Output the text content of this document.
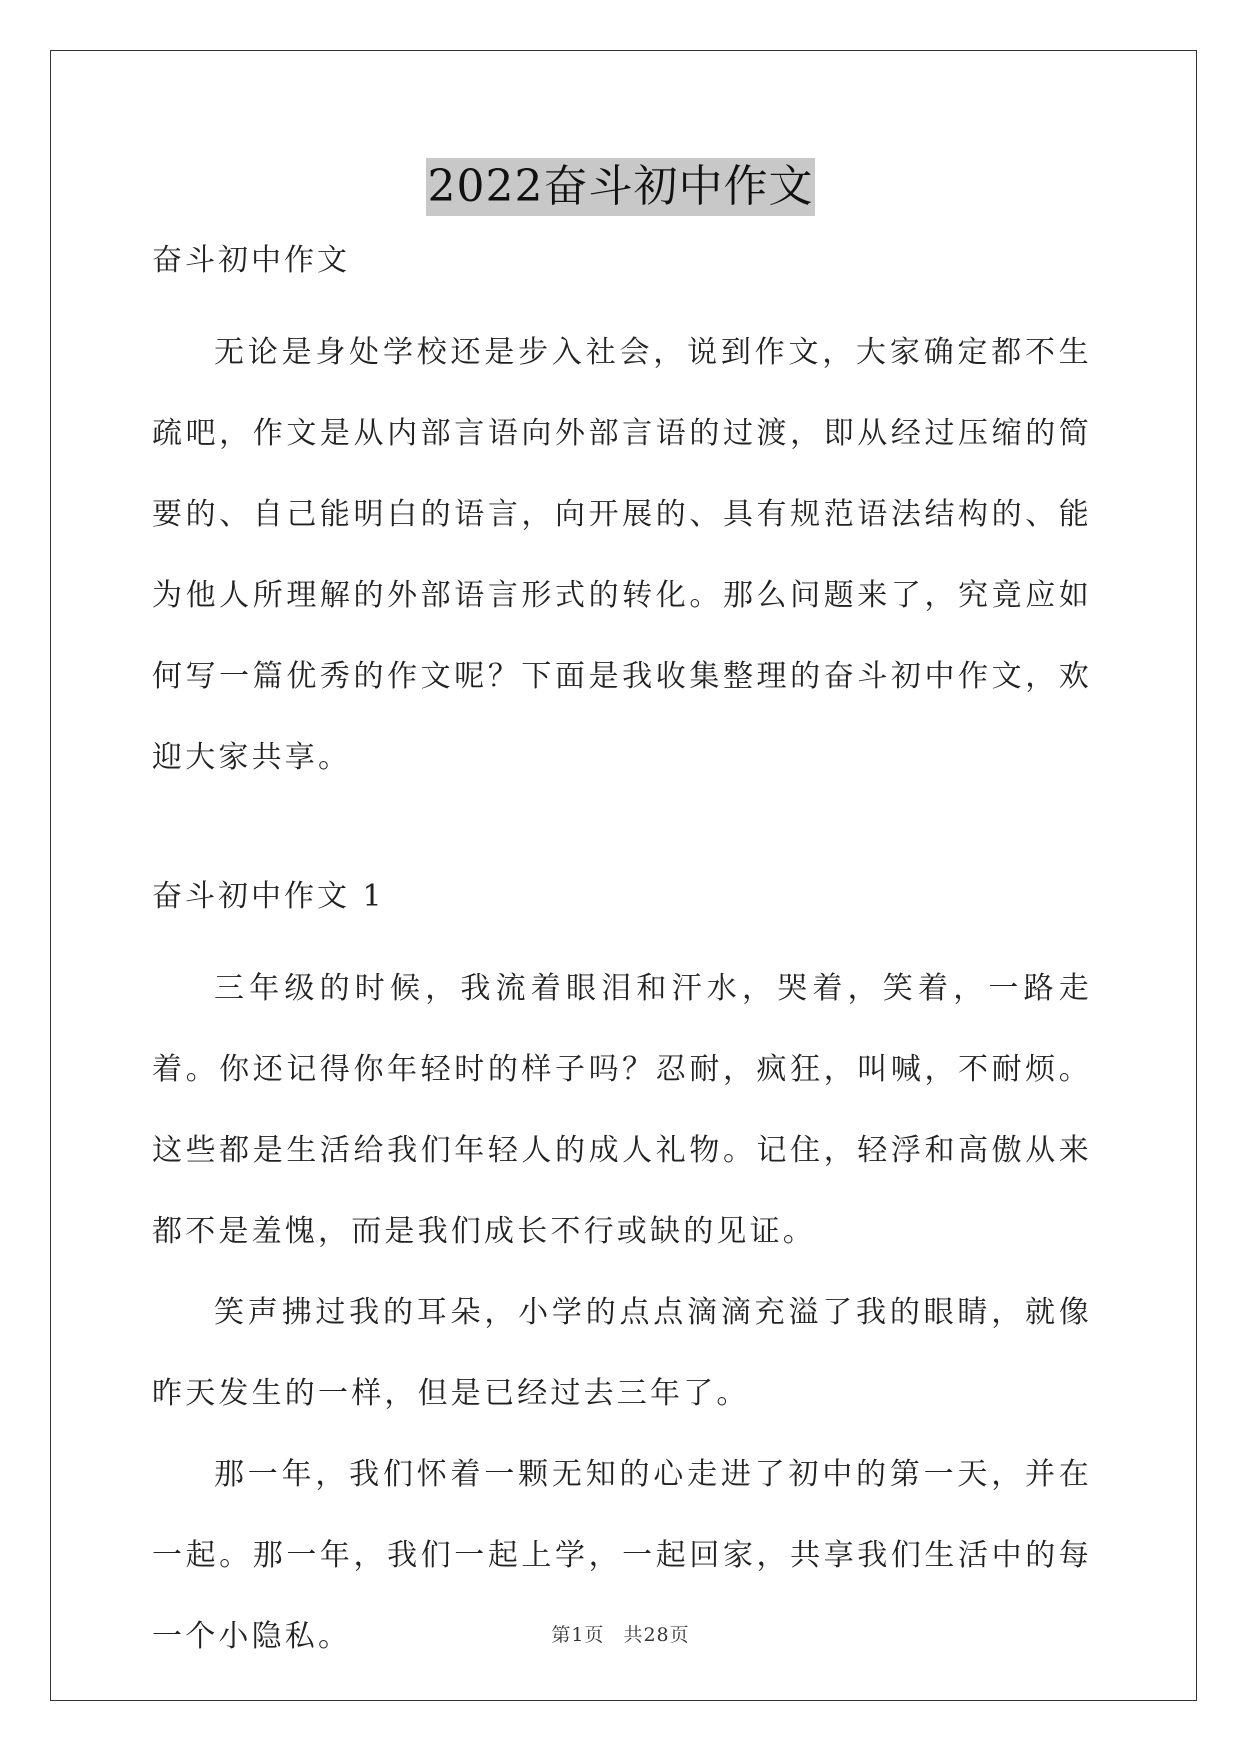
2022奋斗初中作文
奋斗初中作文

无论是身处学校还是步入社会，说到作文，大家确定都不生疏吧，作文是从内部言语向外部言语的过渡，即从经过压缩的简要的、自己能明白的语言，向开展的、具有规范语法结构的、能为他人所理解的外部语言形式的转化。那么问题来了，究竟应如何写一篇优秀的作文呢？下面是我收集整理的奋斗初中作文，欢迎大家共享。

奋斗初中作文 1

三年级的时候，我流着眼泪和汗水，哭着，笑着，一路走着。你还记得你年轻时的样子吗？忍耐，疯狂，叫喊，不耐烦。这些都是生活给我们年轻人的成人礼物。记住，轻浮和高傲从来都不是羞愧，而是我们成长不行或缺的见证。

笑声拂过我的耳朵，小学的点点滴滴充溢了我的眼睛，就像昨天发生的一样，但是已经过去三年了。

那一年，我们怀着一颗无知的心走进了初中的第一天，并在一起。那一年，我们一起上学，一起回家，共享我们生活中的每一个小隐私。	第1页 共28页
